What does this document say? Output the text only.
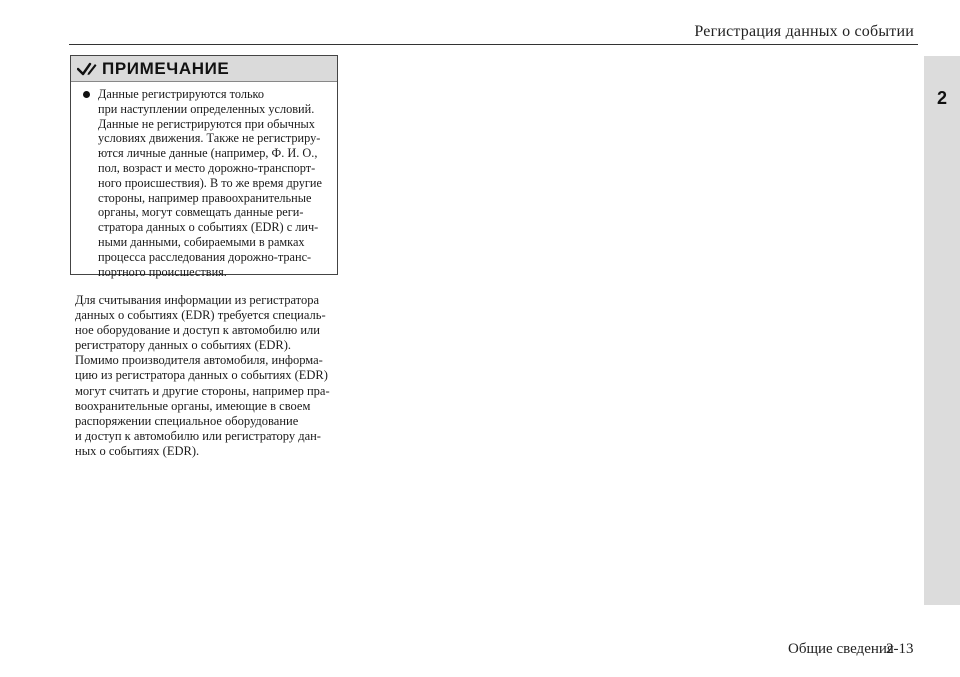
Регистрация данных о событии
2
ПРИМЕЧАНИЕ
Данные регистрируются только
при наступлении определенных условий.
Данные не регистрируются при обычных
условиях движения. Также не регистриру-
ются личные данные (например, Ф. И. О.,
пол, возраст и место дорожно-транспорт-
ного происшествия). В то же время другие
стороны, например правоохранительные
органы, могут совмещать данные реги-
стратора данных о событиях (EDR) с лич-
ными данными, собираемыми в рамках
процесса расследования дорожно-транс-
портного происшествия.
Для считывания информации из регистратора
данных о событиях (EDR) требуется специаль-
ное оборудование и доступ к автомобилю или
регистратору данных о событиях (EDR).
Помимо производителя автомобиля, информа-
цию из регистратора данных о событиях (EDR)
могут считать и другие стороны, например пра-
воохранительные органы, имеющие в своем
распоряжении специальное оборудование
и доступ к автомобилю или регистратору дан-
ных о событиях (EDR).
Общие сведения
2-13
